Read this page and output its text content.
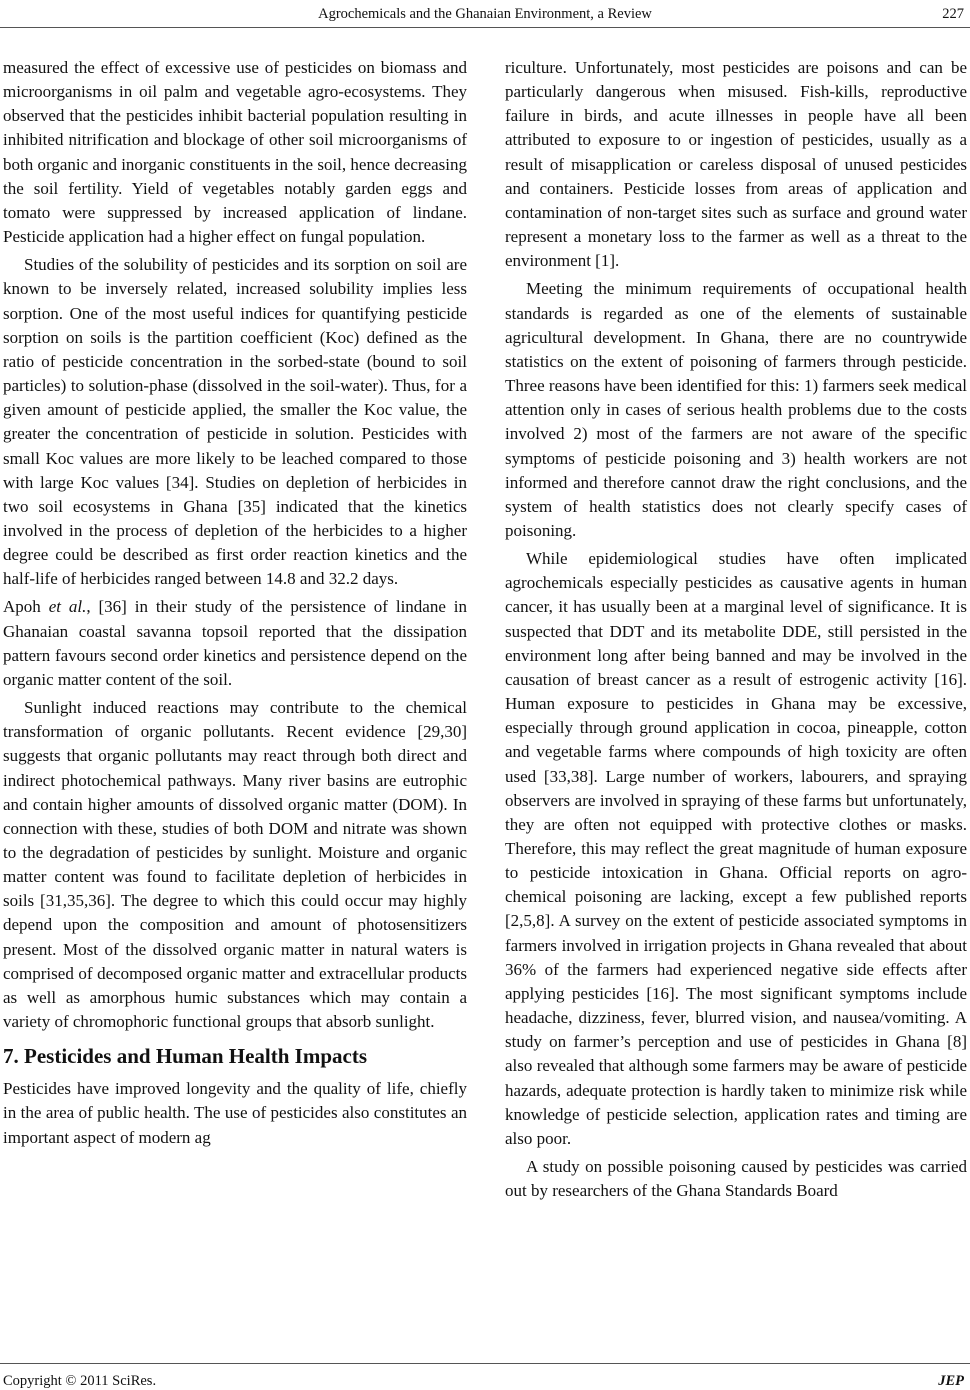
Agrochemicals and the Ghanaian Environment, a Review	227

measured the effect of excessive use of pesticides on biomass and microorganisms in oil palm and vegetable agro-ecosystems. They observed that the pesticides inhibit bacterial population resulting in inhibited nitrification and blockage of other soil microorganisms of both organic and inorganic constituents in the soil, hence decreasing the soil fertility. Yield of vegetables notably garden eggs and tomato were suppressed by increased application of lindane. Pesticide application had a higher effect on fungal population.

Studies of the solubility of pesticides and its sorption on soil are known to be inversely related, increased solubility implies less sorption. One of the most useful indices for quantifying pesticide sorption on soils is the partition coefficient (Koc) defined as the ratio of pesticide concentration in the sorbed-state (bound to soil particles) to solution-phase (dissolved in the soil-water). Thus, for a given amount of pesticide applied, the smaller the Koc value, the greater the concentration of pesticide in solution. Pesticides with small Koc values are more likely to be leached compared to those with large Koc values [34]. Studies on depletion of herbicides in two soil ecosystems in Ghana [35] indicated that the kinetics involved in the process of depletion of the herbicides to a higher degree could be described as first order reaction kinetics and the half-life of herbicides ranged between 14.8 and 32.2 days.

Apoh et al., [36] in their study of the persistence of lindane in Ghanaian coastal savanna topsoil reported that the dissipation pattern favours second order kinetics and persistence depend on the organic matter content of the soil.

Sunlight induced reactions may contribute to the chemical transformation of organic pollutants. Recent evidence [29,30] suggests that organic pollutants may react through both direct and indirect photochemical pathways. Many river basins are eutrophic and contain higher amounts of dissolved organic matter (DOM). In connection with these, studies of both DOM and nitrate was shown to the degradation of pesticides by sunlight. Moisture and organic matter content was found to facilitate depletion of herbicides in soils [31,35,36]. The degree to which this could occur may highly depend upon the composition and amount of photosensitizers present. Most of the dissolved organic matter in natural waters is comprised of decomposed organic matter and extracellular products as well as amorphous humic substances which may contain a variety of chromophoric functional groups that absorb sunlight.

7. Pesticides and Human Health Impacts

Pesticides have improved longevity and the quality of life, chiefly in the area of public health. The use of pesticides also constitutes an important aspect of modern ag

riculture. Unfortunately, most pesticides are poisons and can be particularly dangerous when misused. Fish-kills, reproductive failure in birds, and acute illnesses in people have all been attributed to exposure to or ingestion of pesticides, usually as a result of misapplication or careless disposal of unused pesticides and containers. Pesticide losses from areas of application and contamination of non-target sites such as surface and ground water represent a monetary loss to the farmer as well as a threat to the environment [1].

Meeting the minimum requirements of occupational health standards is regarded as one of the elements of sustainable agricultural development. In Ghana, there are no countrywide statistics on the extent of poisoning of farmers through pesticide. Three reasons have been identified for this: 1) farmers seek medical attention only in cases of serious health problems due to the costs involved 2) most of the farmers are not aware of the specific symptoms of pesticide poisoning and 3) health workers are not informed and therefore cannot draw the right conclusions, and the system of health statistics does not clearly specify cases of poisoning.

While epidemiological studies have often implicated agrochemicals especially pesticides as causative agents in human cancer, it has usually been at a marginal level of significance. It is suspected that DDT and its metabolite DDE, still persisted in the environment long after being banned and may be involved in the causation of breast cancer as a result of estrogenic activity [16]. Human exposure to pesticides in Ghana may be excessive, especially through ground application in cocoa, pineapple, cotton and vegetable farms where compounds of high toxicity are often used [33,38]. Large number of workers, labourers, and spraying observers are involved in spraying of these farms but unfortunately, they are often not equipped with protective clothes or masks. Therefore, this may reflect the great magnitude of human exposure to pesticide intoxication in Ghana. Official reports on agro-chemical poisoning are lacking, except a few published reports [2,5,8]. A survey on the extent of pesticide associated symptoms in farmers involved in irrigation projects in Ghana revealed that about 36% of the farmers had experienced negative side effects after applying pesticides [16]. The most significant symptoms include headache, dizziness, fever, blurred vision, and nausea/vomiting. A study on farmer’s perception and use of pesticides in Ghana [8] also revealed that although some farmers may be aware of pesticide hazards, adequate protection is hardly taken to minimize risk while knowledge of pesticide selection, application rates and timing are also poor.

A study on possible poisoning caused by pesticides was carried out by researchers of the Ghana Standards Board

Copyright © 2011 SciRes.	JEP
